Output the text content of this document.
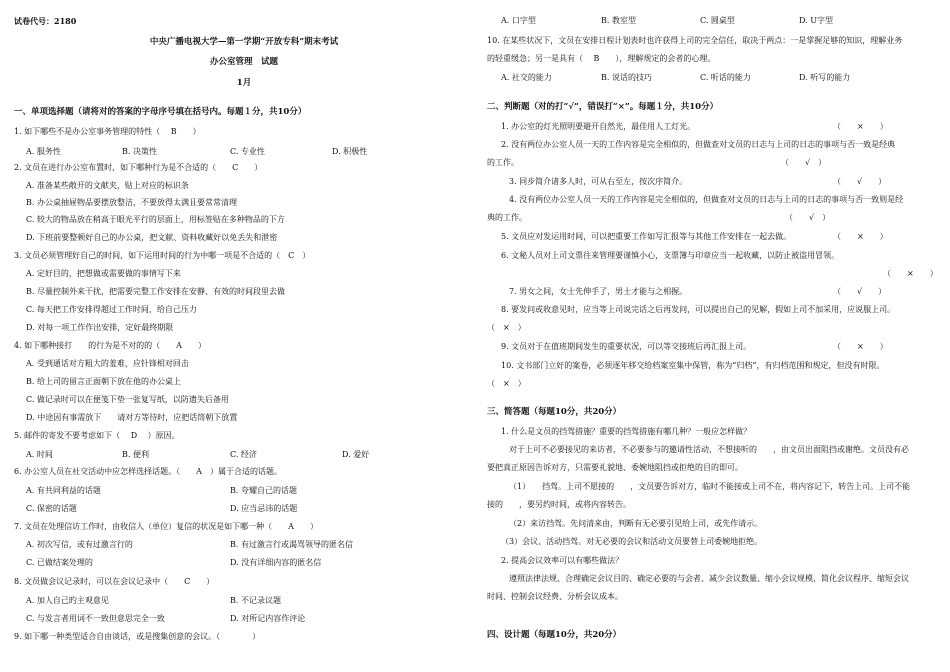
试卷代号：2180
中央广播电视大学—第一学期“开放专科”期末考试
办公室管理　试题
1月
一、单项选择题（请将对的答案的字母序号填在括号内。每题１分，共10分）
1. 如下哪些不是办公室事务管理的特性（　 B　　）
A. 服务性	B. 决策性	C. 专业性	D. 积极性
2. 文员在进行办公室布置时，如下哪种行为是不合适的（　　C　　）
A. 准备某些敞开的文献夹，贴上对应的标识条
B. 办公桌抽屉物品要摆放整洁，不要放得太满且要常常清理
C. 较大的物品放在稍高于眼光平行的层面上，用标签贴在多种物品的下方
D. 下班前要整顿好自己的办公桌，把文献、资料收藏好以免丢失和泄密
3. 文员必须管理好自己的时间，如下运用时间的行为中哪一项是不合适的（　C　）
A. 定好目的，把想做或需要做的事情写下来
B. 尽量控制外来干扰，把需要完整工作安排在安静、有效的时间段里去做
C. 每天把工作安排得超过工作时间，给自己压力
D. 对每一项工作作出安排，定好最终期限
4. 如下哪种接打　　的行为是不对的的（　　A　　）
A. 受到通话对方粗大的羞难，应针锋相对回击
B. 给上司的留言正面朝下放在他的办公桌上
C. 做记录时可以在便笺下垫一张复写纸，以防遗失后备用
D. 中途因有事需放下　　请对方等待时，应把话筒朝下放置
5. 邮件的寄发不要考虑如下（　 D　 ）原因。
A. 时间	B. 便利	C. 经济	D. 爱好
6. 办公室人员在社交活动中应怎样选择话题。（　　A　）属于合适的话题。
A. 有共同利益的话题	B. 夸耀自己的话题
C. 保密的话题	D. 应当忌讳的话题
7. 文员在处理信访工作时，由收信人（单位）复信的状况是如下哪一种（　　A　　）
A. 初次写信，或有过激言行的	B. 有过激言行或渴骂领导的匿名信
C. 已做结案处理的	D. 没有详细内容的匿名信
8. 文员做会议记录时，可以在会议记录中（　　C　　）
A. 加人自己旳主观意见	B. 不记录议题
C. 与发言者用词不一致但意思完全一致	D. 对所记内容作评论
9. 如下哪一种类型适合自由谈话，或是搜集创意的会议。（　　　　）
A. 口字型	B. 教室型	C. 圆桌型	D. U字型
10. 在某些状况下，文员在安排日程计划表时也许获得上司的完全信任，取决于两点：一是掌握足够的知识，理解业务
的轻重缓急；另一是具有（　 B　　），理解规定的会者的心理。
A. 社交的能力	B. 说话的技巧	C. 听话的能力	D. 听写的能力
二、判断题（对的打“√”，错误打“×”。每题１分，共10分）
1. 办公室的灯光照明要避开自然光，最佳用人工灯光。	（　　×　　）
2. 没有两位办公室人员一天的工作内容是完全相似的，但做查对文员的日志与上司的日志的事项与否一致是经典
的工作。	（　　√　）
3. 同步简介诸多人时，可从右至左，按次序简介。	（　　√　　）
4. 没有两位办公室人员一天的工作内容是完全相似的，但做查对文员的日志与上司的日志的事项与否一致则是经
典的工作。	（　　√　）
5. 文员应对发运用时间，可以把重要工作如写汇报等与其他工作安排在一起去做。	（　　×　　）
6. 文秘人员对上司文票往来管理要谨慎小心，支票簿与印章应当一起收藏，以防止被盗用冒领。
（　　×　　）
7. 男女之间，女士先伸手了，男士才能与之相握。	（　　√　　）
8. 要发问或收意见时，应当等上司说完话之后再发问，可以提出自己的见解，假如上司不加采用，应说服上司。
（　×　）
9. 文员对于在值班期间发生的重要状况，可以等交接班后再汇报上司。	（　　×　　）
10. 文书部门立好的案卷，必须逐年移交给档案室集中保管，称为“归档”，有归档范围和规定，但没有时限。
（　×　）
三、简答题（每题10分，共20分）
1. 什么是文员的挡驾措施？重要的挡驾措施有哪几种？一般应怎样做？
对于上可不必要接见的来访者，不必要参与的邀请性活动，不想接听的　　，由文员出面阻挡或谢绝。文员没有必
要把真正原因告诉对方，只需要礼貌地、委婉地阻挡或拒绝的目的即可。
（1）　　挡驾。上司不愿接的　　，文员要告诉对方，临时不能接或上司不在，将内容记下，转告上司。上司不能
接的　　，要另约时间，或将内容转告。
（2）来访挡驾。先问清来由，判断有无必要引见给上司，或先作请示。
（3）会议、活动挡驾。对无必要的会议和活动文员要替上司委婉地拒绝。
2. 提高会议效率可以有哪些做法？
遵照法律法规、合理确定会议目的、确定必要的与会者、减少会议数量、缩小会议规模，简化会议程序、缩短会议
时间、控制会议经费、分析会议成本。
四、设计题（每题10分，共20分）
